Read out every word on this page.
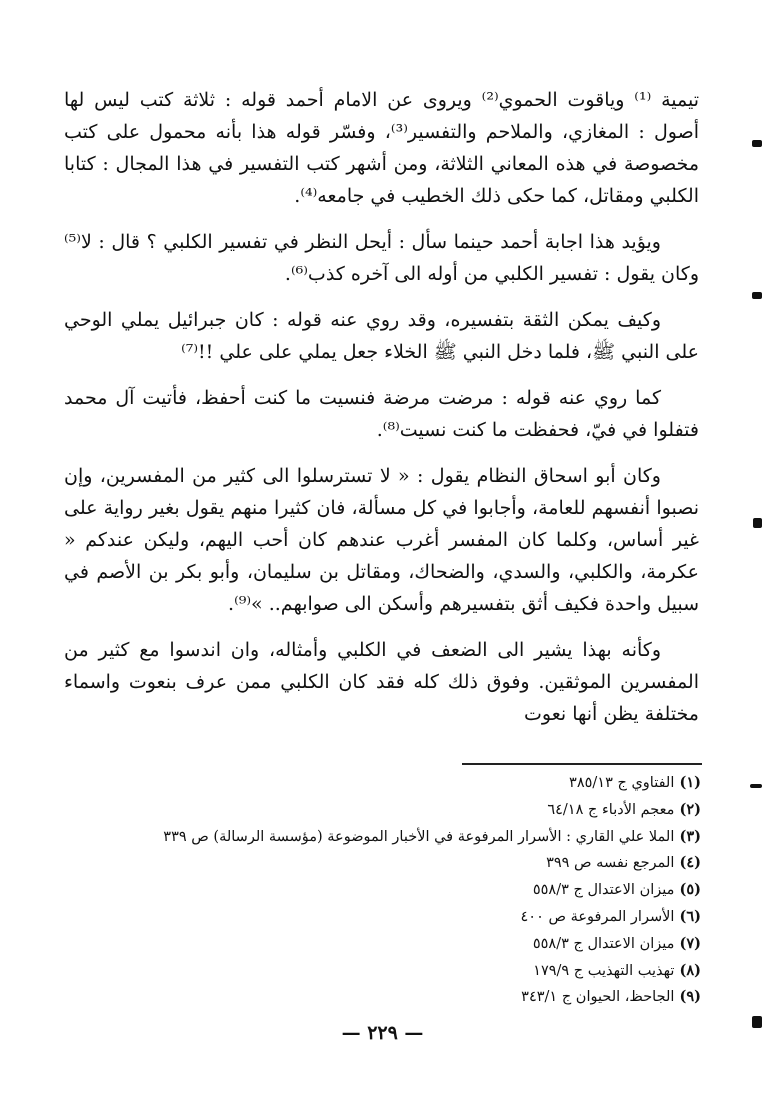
تيمية ⁽¹⁾ وياقوت الحموي⁽²⁾ ويروى عن الامام أحمد قوله : ثلاثة كتب ليس لها أصول : المغازي، والملاحم والتفسير⁽³⁾، وفسّر قوله هذا بأنه محمول على كتب مخصوصة في هذه المعاني الثلاثة، ومن أشهر كتب التفسير في هذا المجال : كتابا الكلبي ومقاتل، كما حكى ذلك الخطيب في جامعه⁽⁴⁾.

ويؤيد هذا اجابة أحمد حينما سأل : أيحل النظر في تفسير الكلبي ؟ قال : لا⁽⁵⁾ وكان يقول : تفسير الكلبي من أوله الى آخره كذب⁽⁶⁾.

وكيف يمكن الثقة بتفسيره، وقد روي عنه قوله : كان جبرائيل يملي الوحي على النبي ﷺ، فلما دخل النبي ﷺ الخلاء جعل يملي على علي !!⁽⁷⁾

كما روي عنه قوله : مرضت مرضة فنسيت ما كنت أحفظ، فأتيت آل محمد فتفلوا في فيّ، فحفظت ما كنت نسيت⁽⁸⁾.

وكان أبو اسحاق النظام يقول : « لا تسترسلوا الى كثير من المفسرين، وإن نصبوا أنفسهم للعامة، وأجابوا في كل مسألة، فان كثيرا منهم يقول بغير رواية على غير أساس، وكلما كان المفسر أغرب عندهم كان أحب اليهم، وليكن عندكم « عكرمة، والكلبي، والسدي، والضحاك، ومقاتل بن سليمان، وأبو بكر بن الأصم في سبيل واحدة فكيف أثق بتفسيرهم وأسكن الى صوابهم.. »⁽⁹⁾.

وكأنه بهذا يشير الى الضعف في الكلبي وأمثاله، وان اندسوا مع كثير من المفسرين الموثقين. وفوق ذلك كله فقد كان الكلبي ممن عرف بنعوت واسماء مختلفة يظن أنها نعوت

(١) الفتاوي ج ٣٨٥/١٣
(٢) معجم الأدباء ج ٦٤/١٨
(٣) الملا علي القاري : الأسرار المرفوعة في الأخبار الموضوعة (مؤسسة الرسالة) ص ٣٣٩
(٤) المرجع نفسه ص ٣٩٩
(٥) ميزان الاعتدال ج ٥٥٨/٣
(٦) الأسرار المرفوعة ص ٤٠٠
(٧) ميزان الاعتدال ج ٥٥٨/٣
(٨) تهذيب التهذيب ج ١٧٩/٩
(٩) الجاحظ، الحيوان ج ٣٤٣/١
— ٢٢٩ —
